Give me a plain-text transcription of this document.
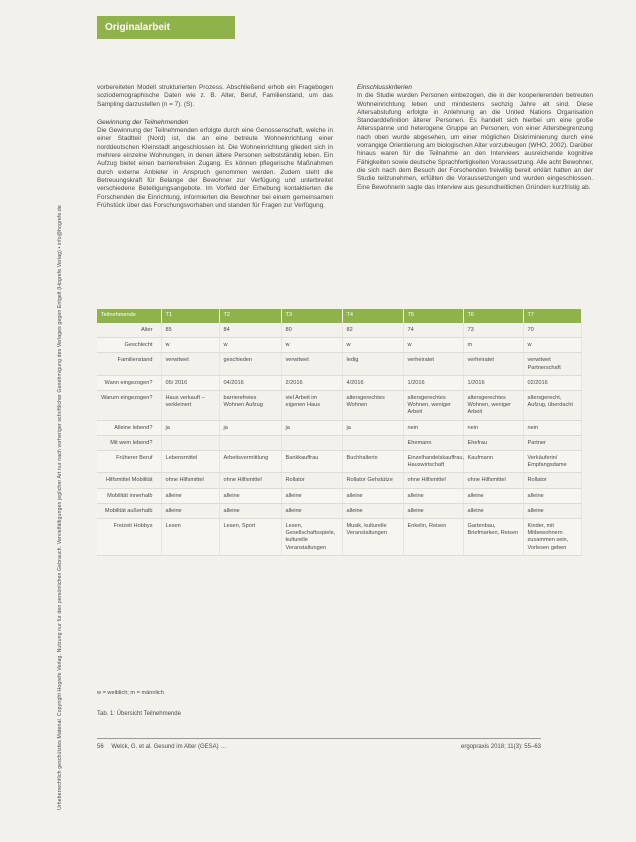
Originalarbeit
Urheberrechtlich geschütztes Material. Copyright Hogrefe Verlag. Nutzung nur für den persönlichen Gebrauch. Vervielfältigungen jeglicher Art nur nach vorheriger schriftlicher Genehmigung des Verlages gegen Entgelt (Hogrefe Verlag) • info@hogrefe.de

vorbereiteten Modell strukturierten Prozess. Abschließend erhob ein Fragebogen soziodemographische Daten wie z. B. Alter, Beruf, Familienstand, um das Sampling darzustellen (n = 7). (S).

Gewinnung der Teilnehmenden

Die Gewinnung der Teilnehmenden erfolgte durch eine Genossenschaft, welche in einer Stadtteil (Nord) ist, die an eine betreute Wohneinrichtung einer norddeutschen Kleinstadt angeschlossen ist. Die Wohneinrichtung gliedert sich in mehrere einzelne Wohnungen, in denen ältere Personen selbstständig leben. Ein Aufzug bietet einen barrierefreien Zugang. Es können pflegerische Maßnahmen durch externe Anbieter in Anspruch genommen werden. Zudem steht die Betreuungskraft für Belange der Bewohner zur Verfügung und unterbreitet verschiedene Beteiligungsangebote. Im Vorfeld der Erhebung kontaktierten die Forschenden die Einrichtung, informierten die Bewohner bei einem gemeinsamen Frühstück über das Forschungsvorhaben und standen für Fragen zur Verfügung.

Einschlusskriterien

In die Studie wurden Personen einbezogen, die in der kooperierenden betreuten Wohneinrichtung leben und mindestens sechzig Jahre alt sind. Diese Altersabstufung erfolgte in Anlehnung an die United Nations Organisation Standarddefinition älterer Personen. Es handelt sich hierbei um eine große Altersspanne und heterogene Gruppe an Personen, von einer Altersbegrenzung nach oben wurde abgesehen, um einer möglichen Diskriminierung durch eine vorrangige Orientierung am biologischen Alter vorzubeugen (WHO, 2002). Darüber hinaus waren für die Teilnahme an den Interviews ausreichende kognitive Fähigkeiten sowie deutsche Sprachfertigkeiten Voraussetzung. Alle acht Bewohner, die sich nach dem Besuch der Forschenden freiwillig bereit erklärt hatten an der Studie teilzunehmen, erfüllten die Voraussetzungen und wurden eingeschlossen. Eine Bewohnerin sagte das Interview aus gesundheitlichen Gründen kurzfristig ab.

Teilnehmende	T1	T2	T3	T4	T5	T6	T7
Alter	85	84	80	82	74	73	70
Geschlecht	w	w	w	w	w	m	w
Familienstand	verwitwet	geschieden	verwitwet	ledig	verheiratet	verheiratet	verwitwet Partnerschaft
Wann eingezogen?	05/ 2016	04/2016	2/2016	4/2016	1/2016	1/2016	02/2016
Warum eingezogen?	Haus verkauft – verkleinert	barrierefreies Wohnen Aufzug	viel Arbeit im eigenen Haus	altersgerechtes Wohnen	altersgerechtes Wohnen, weniger Arbeit	altersgerechtes Wohnen, weniger Arbeit	altersgerecht, Aufzug, überdacht
Alleine lebend?	ja	ja	ja	ja	nein	nein	nein
Mit wem lebend?					Ehemann	Ehefrau	Partner
Früherer Beruf	Lebensmittel	Arbeitsvermittlung	Bankkauffrau	Buchhalterin	Einzelhandelskauffrau, Hauswirtschaft	Kaufmann	Verkäuferin/ Empfangsdame
Hilfsmittel Mobilität	ohne Hilfsmittel	ohne Hilfsmittel	Rollator	Rollator Gehstütze	ohne Hilfsmittel	ohne Hilfsmittel	Rollator
Mobilität innerhalb	alleine	alleine	alleine	alleine	alleine	alleine	alleine
Mobilität außerhalb	alleine	alleine	alleine	alleine	alleine	alleine	alleine
Freizeit Hobbys	Lesen	Lesen, Sport	Lesen, Gesellschaftsspiele, kulturelle Veranstaltungen	Musik, kulturelle Veranstaltungen	Enkelin, Reisen	Gartenbau, Briefmarken, Reisen	Kinder, mit Mitbewohnern zusammen sein, Vorlesen geben
w = weiblich; m = männlich
Tab. 1: Übersicht Teilnehmende
56 Welck, G. et al. Gesund im Alter (GESA) …	ergopraxis 2018; 11(3): 55–63
